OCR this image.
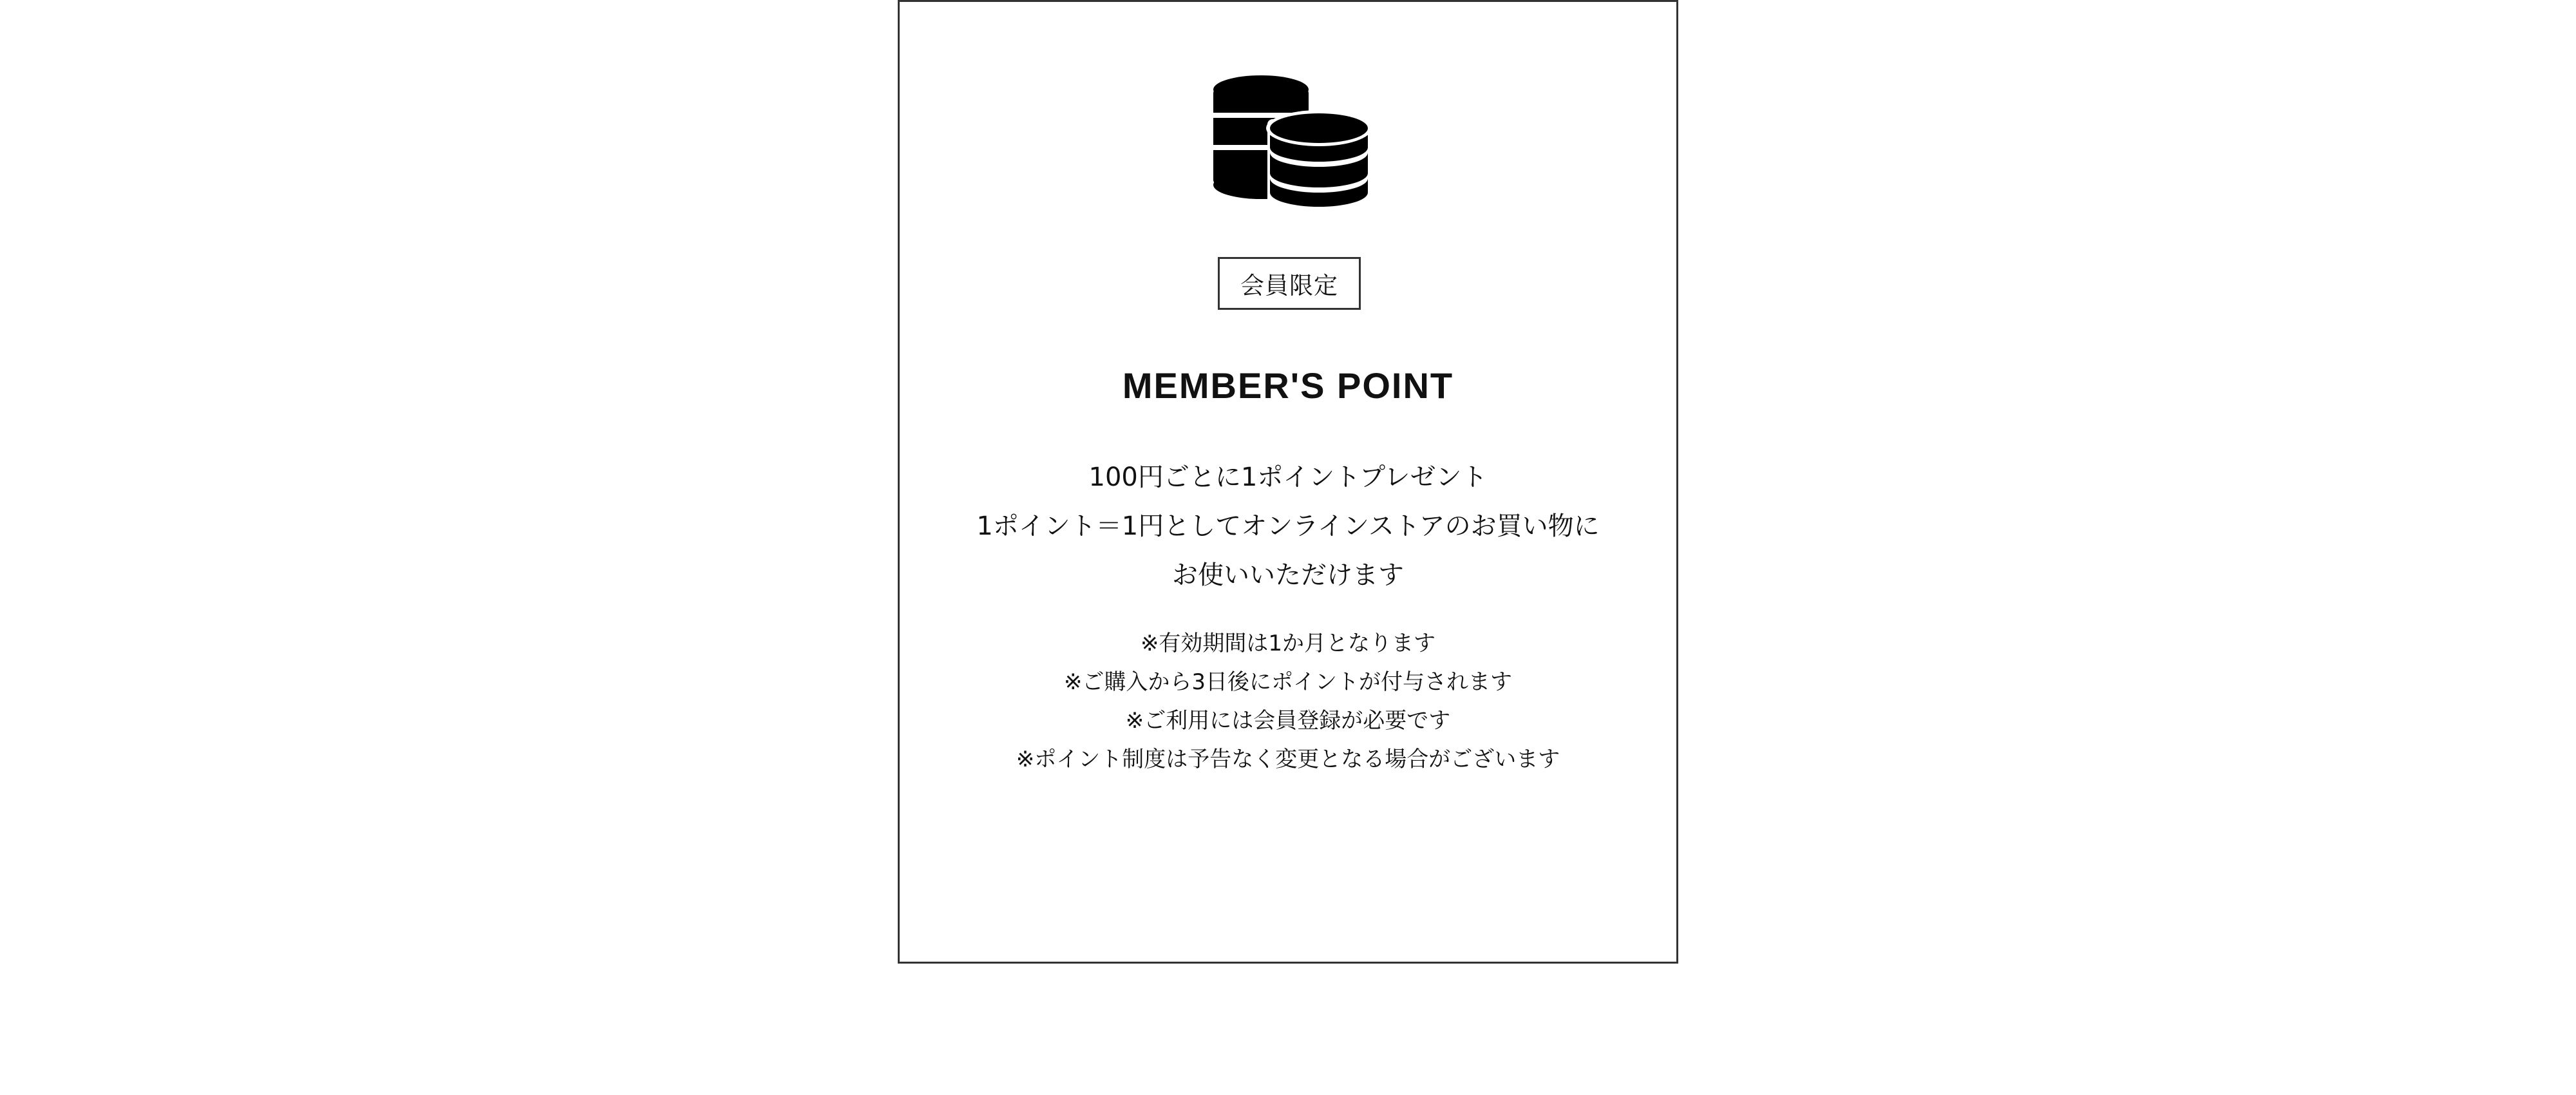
会員限定
MEMBER'S POINT
100円ごとに1ポイントプレゼント
1ポイント＝1円としてオンラインストアのお買い物に
お使いいただけます
※有効期間は1か月となります
※ご購入から3日後にポイントが付与されます
※ご利用には会員登録が必要です
※ポイント制度は予告なく変更となる場合がございます
